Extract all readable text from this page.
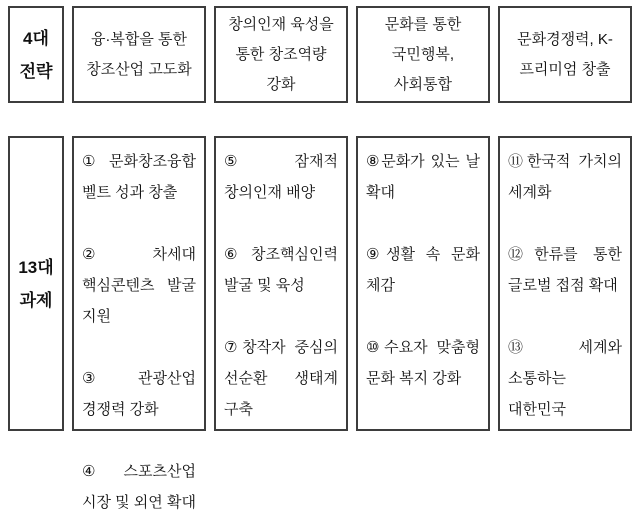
4대
전략
융·복합을 통한 창조산업 고도화
창의인재 육성을 통한 창조역량 강화
문화를 통한 국민행복, 사회통합
문화경쟁력, K-프리미엄 창출
13대
과제

①문화창조융합 벨트 성과 창출

②차세대 핵심콘텐츠 발굴 지원

③관광산업 경쟁력 강화

④스포츠산업 시장 및 외연 확대

⑤잠재적 창의인재 배양

⑥창조핵심인력 발굴 및 육성

⑦창작자 중심의 선순환 생태계 구축

⑧문화가 있는 날 확대

⑨생활 속 문화 체감

⑩수요자 맞춤형 문화 복지 강화

⑪한국적 가치의 세계화

⑫한류를 통한 글로벌 접점 확대

⑬세계와 소통하는 대한민국
